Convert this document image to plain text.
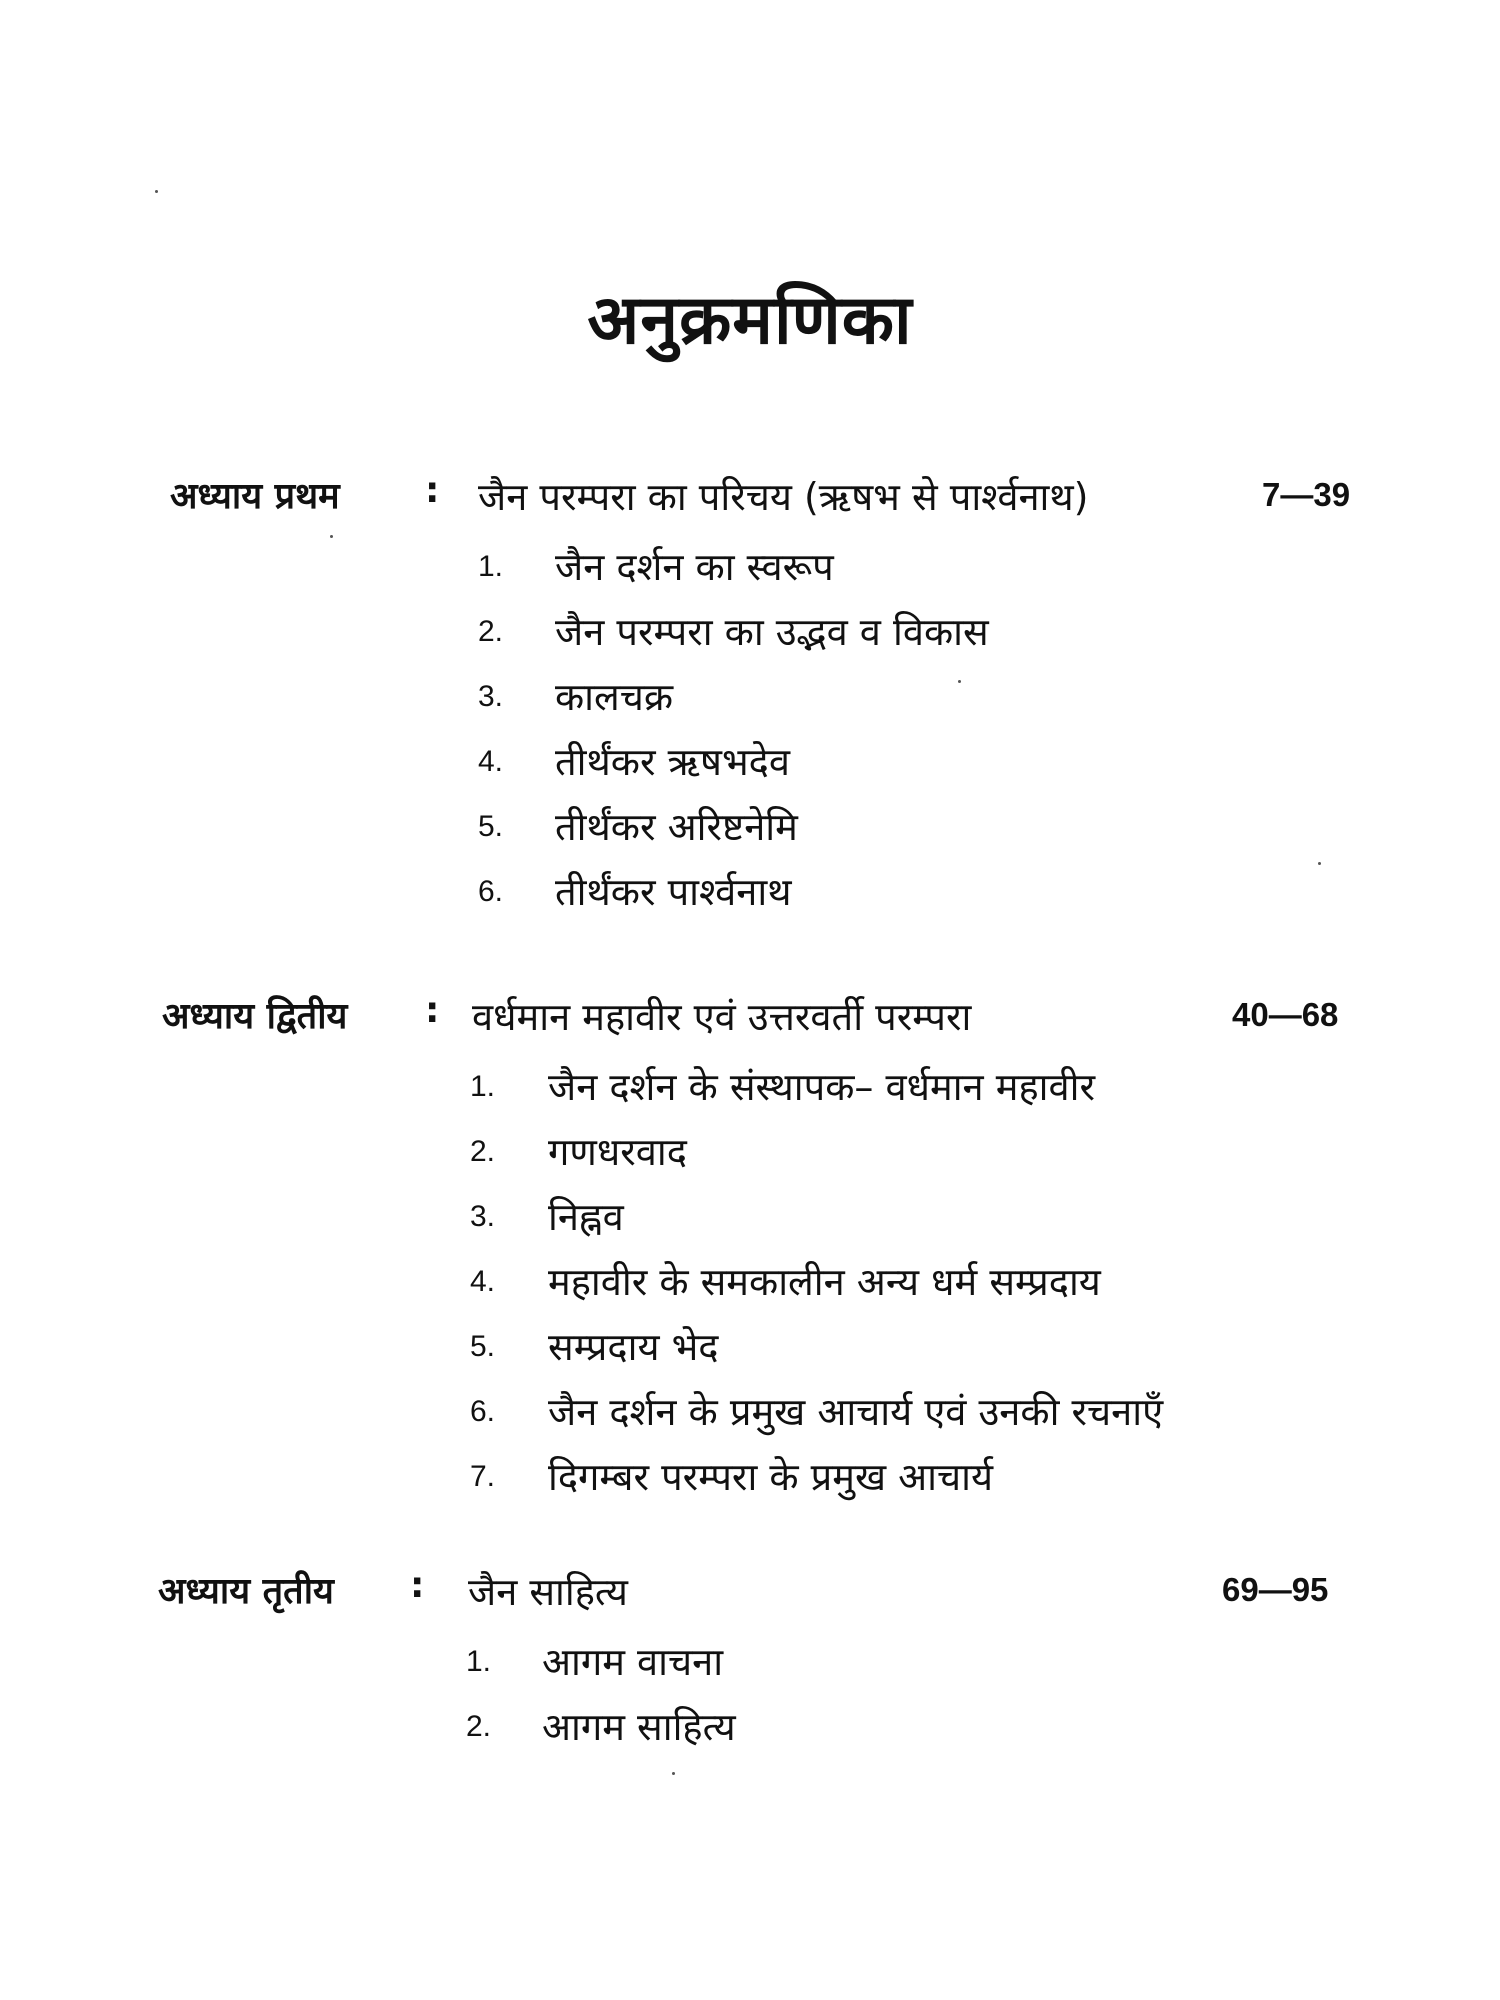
अनुक्रमणिका
अध्याय प्रथम : जैन परम्परा का परिचय (ऋषभ से पार्श्वनाथ)	7—39
1. जैन दर्शन का स्वरूप
2. जैन परम्परा का उद्भव व विकास
3. कालचक्र
4. तीर्थंकर ऋषभदेव
5. तीर्थंकर अरिष्टनेमि
6. तीर्थंकर पार्श्वनाथ
अध्याय द्वितीय : वर्धमान महावीर एवं उत्तरवर्ती परम्परा	40—68
1. जैन दर्शन के संस्थापक– वर्धमान महावीर
2. गणधरवाद
3. निह्नव
4. महावीर के समकालीन अन्य धर्म सम्प्रदाय
5. सम्प्रदाय भेद
6. जैन दर्शन के प्रमुख आचार्य एवं उनकी रचनाएँ
7. दिगम्बर परम्परा के प्रमुख आचार्य
अध्याय तृतीय : जैन साहित्य	69—95
1. आगम वाचना
2. आगम साहित्य
